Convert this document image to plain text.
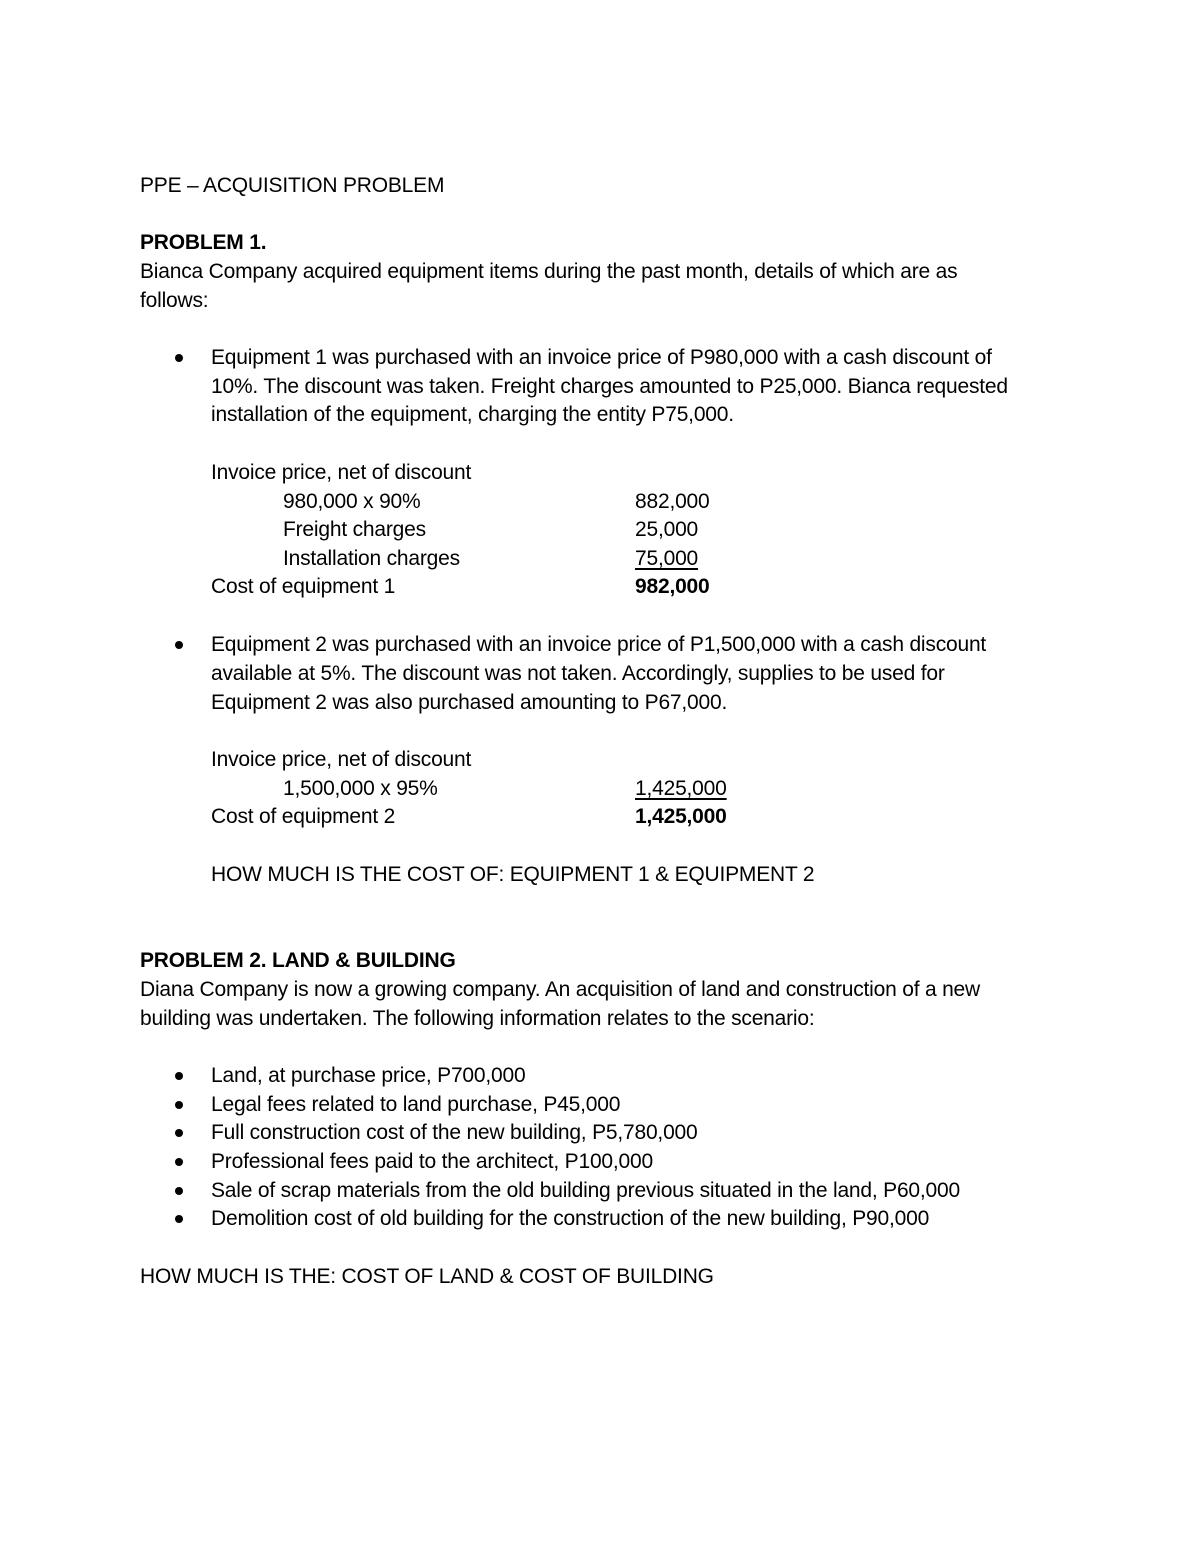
PPE – ACQUISITION PROBLEM
PROBLEM 1.
Bianca Company acquired equipment items during the past month, details of which are as
follows:
Equipment 1 was purchased with an invoice price of P980,000 with a cash discount of
10%. The discount was taken. Freight charges amounted to P25,000. Bianca requested
installation of the equipment, charging the entity P75,000.
Invoice price, net of discount
980,000 x 90%	882,000
Freight charges	25,000
Installation charges	75,000
Cost of equipment 1	982,000
Equipment 2 was purchased with an invoice price of P1,500,000 with a cash discount
available at 5%. The discount was not taken. Accordingly, supplies to be used for
Equipment 2 was also purchased amounting to P67,000.
Invoice price, net of discount
1,500,000 x 95%	1,425,000
Cost of equipment 2	1,425,000
HOW MUCH IS THE COST OF: EQUIPMENT 1 & EQUIPMENT 2
PROBLEM 2. LAND & BUILDING
Diana Company is now a growing company. An acquisition of land and construction of a new
building was undertaken. The following information relates to the scenario:
Land, at purchase price, P700,000
Legal fees related to land purchase, P45,000
Full construction cost of the new building, P5,780,000
Professional fees paid to the architect, P100,000
Sale of scrap materials from the old building previous situated in the land, P60,000
Demolition cost of old building for the construction of the new building, P90,000
HOW MUCH IS THE: COST OF LAND & COST OF BUILDING
